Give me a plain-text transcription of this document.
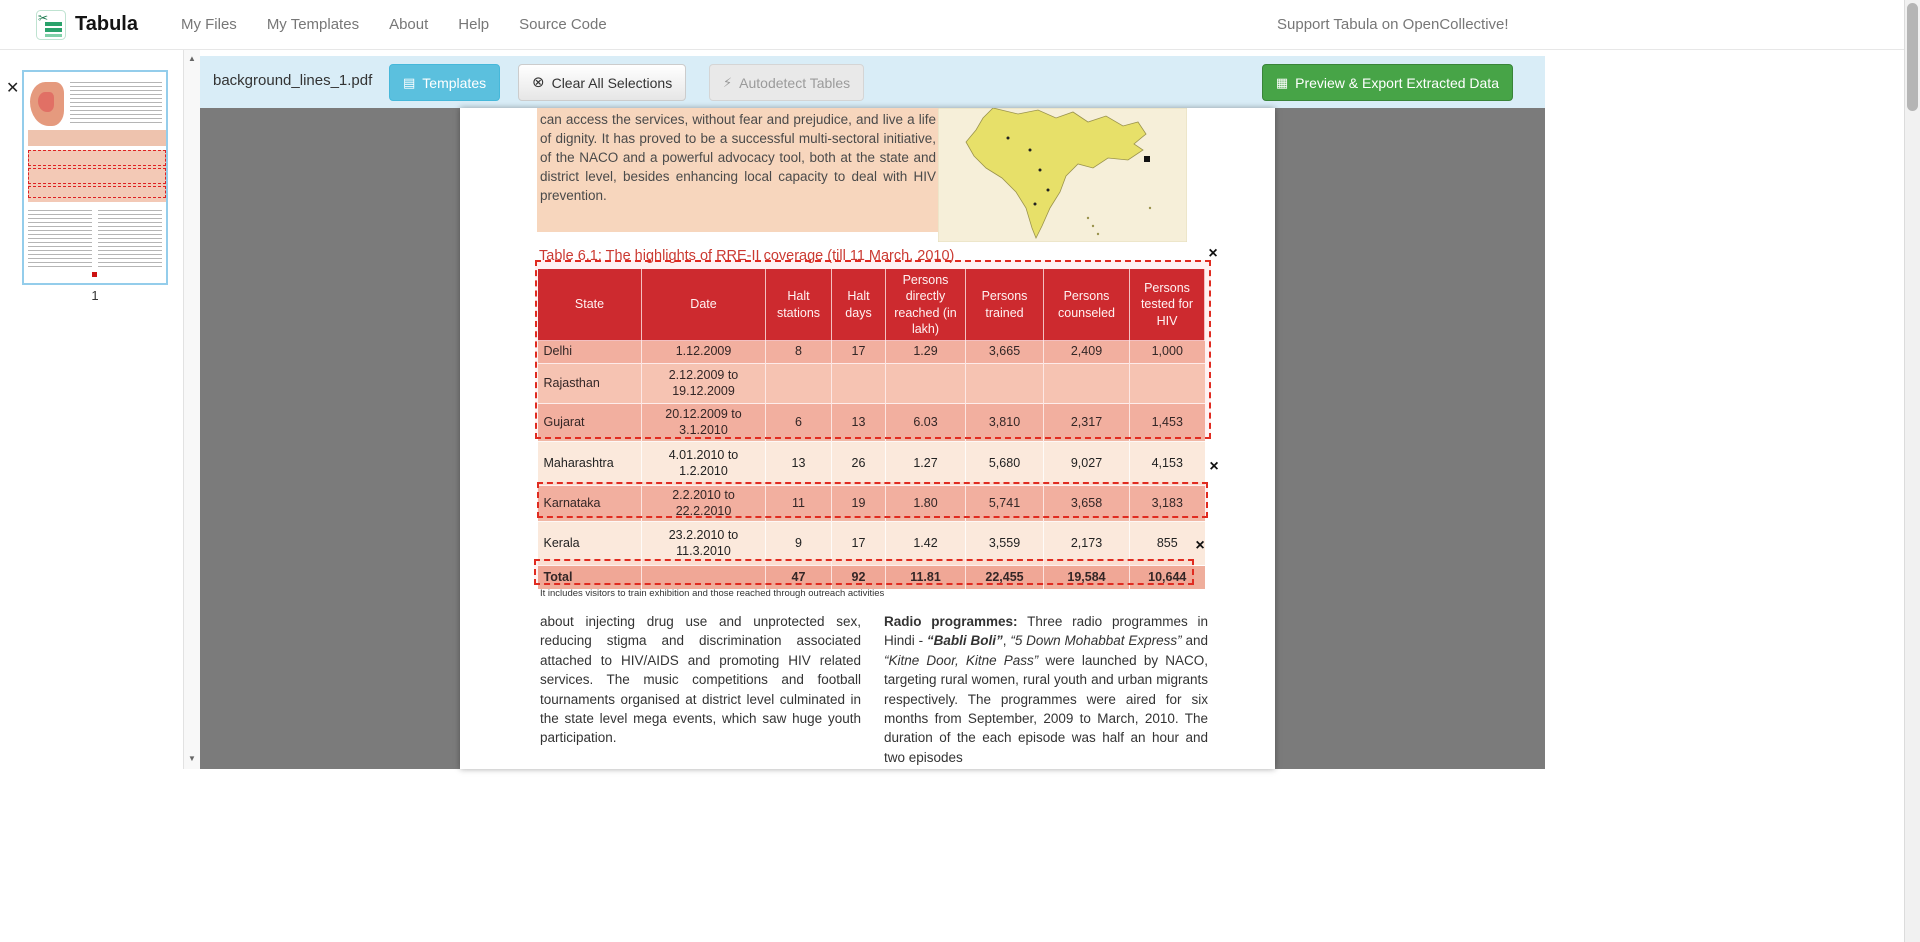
✂ Tabula	My Files My Templates About Help Source Code	Support Tabula on OpenCollective!
✕
1
▲
▼
background_lines_1.pdf ▤ Templates	⊗ Clear All Selections	⚡ Autodetect Tables	▦ Preview & Export Extracted Data
can access the services, without fear and prejudice, and live a life of dignity. It has proved to be a successful multi-sectoral initiative, of the NACO and a powerful advocacy tool, both at the state and district level, besides enhancing local capacity to deal with HIV prevention.
Table 6.1: The highlights of RRE-II coverage (till 11 March, 2010)
State	Date	Halt stations	Halt days	Persons directly reached (in lakh)	Persons trained	Persons counseled	Persons tested for HIV
Delhi	1.12.2009	8	17	1.29	3,665	2,409	1,000
Rajasthan	2.12.2009 to 19.12.2009						
Gujarat	20.12.2009 to 3.1.2010	6	13	6.03	3,810	2,317	1,453
Maharashtra	4.01.2010 to 1.2.2010	13	26	1.27	5,680	9,027	4,153
Karnataka	2.2.2010 to 22.2.2010	11	19	1.80	5,741	3,658	3,183
Kerala	23.2.2010 to 11.3.2010	9	17	1.42	3,559	2,173	855
Total		47	92	11.81	22,455	19,584	10,644
It includes visitors to train exhibition and those reached through outreach activities
about injecting drug use and unprotected sex, reducing stigma and discrimination associated attached to HIV/AIDS and promoting HIV related services. The music competitions and football tournaments organised at district level culminated in the state level mega events, which saw huge youth participation.
Radio programmes: Three radio programmes in Hindi - “Babli Boli”, “5 Down Mohabbat Express” and “Kitne Door, Kitne Pass” were launched by NACO, targeting rural women, rural youth and urban migrants respectively. The programmes were aired for six months from September, 2009 to March, 2010. The duration of the each episode was half an hour and two episodes
×
×
×
